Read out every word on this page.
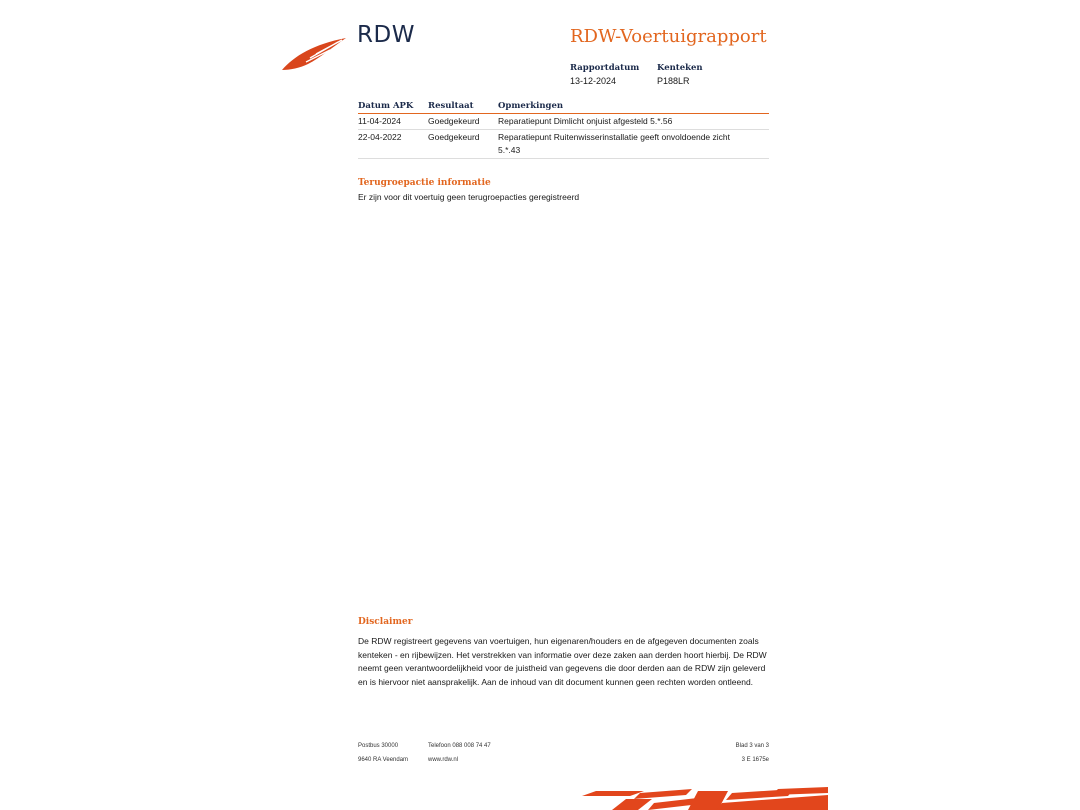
RDW	RDW-Voertuigrapport
Rapportdatum
13-12-2024
Kenteken
P188LR
Datum APK	Resultaat	Opmerkingen
11-04-2024	Goedgekeurd	Reparatiepunt Dimlicht onjuist afgesteld 5.*.56
22-04-2022	Goedgekeurd	Reparatiepunt Ruitenwisserinstallatie geeft onvoldoende zicht 5.*.43
Terugroepactie informatie
Er zijn voor dit voertuig geen terugroepacties geregistreerd
Disclaimer
De RDW registreert gegevens van voertuigen, hun eigenaren/houders en de afgegeven documenten zoals kenteken - en rijbewijzen. Het verstrekken van informatie over deze zaken aan derden hoort hierbij. De RDW neemt geen verantwoordelijkheid voor de juistheid van gegevens die door derden aan de RDW zijn geleverd en is hiervoor niet aansprakelijk. Aan de inhoud van dit document kunnen geen rechten worden ontleend.
Postbus 30000
9640 RA Veendam
Telefoon 088 008 74 47
www.rdw.nl
Blad 3 van 3
3 E 1675e
